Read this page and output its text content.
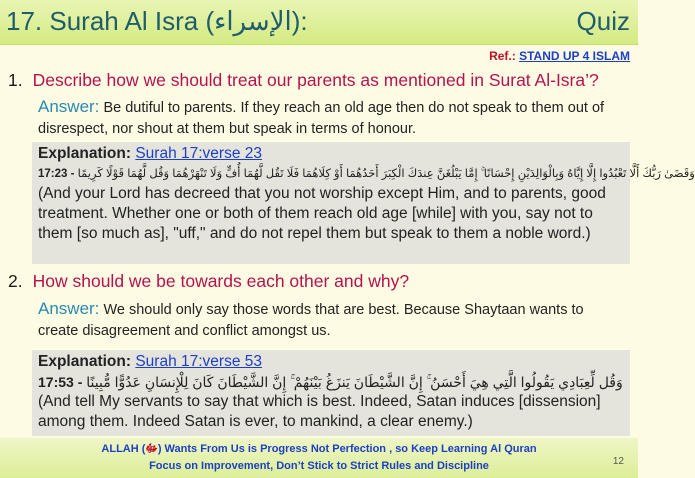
17. Surah Al Isra (الإسراء):	Quiz
Ref.: STAND UP 4 ISLAM
1. Describe how we should treat our parents as mentioned in Surat Al-Isra’?
Answer: Be dutiful to parents. If they reach an old age then do not speak to them out of disrespect, nor shout at them but speak in terms of honour.
Explanation: Surah 17:verse 23
17:23 - وَقَضَىٰ رَبُّكَ أَلَّا تَعْبُدُوا إِلَّا إِيَّاهُ وَبِالْوَالِدَيْنِ إِحْسَانًا ۚ إِمَّا يَبْلُغَنَّ عِندَكَ الْكِبَرَ أَحَدُهُمَا أَوْ كِلَاهُمَا فَلَا تَقُل لَّهُمَا أُفٍّ وَلَا تَنْهَرْهُمَا وَقُل لَّهُمَا قَوْلًا كَرِيمًا
(And your Lord has decreed that you not worship except Him, and to parents, good treatment. Whether one or both of them reach old age [while] with you, say not to them [so much as], "uff," and do not repel them but speak to them a noble word.)
2. How should we be towards each other and why?
Answer: We should only say those words that are best. Because Shaytaan wants to create disagreement and conflict amongst us.
Explanation: Surah 17:verse 53
17:53 - وَقُل لِّعِبَادِي يَقُولُوا الَّتِي هِيَ أَحْسَنُ ۚ إِنَّ الشَّيْطَانَ يَنزَغُ بَيْنَهُمْ ۚ إِنَّ الشَّيْطَانَ كَانَ لِلْإِنسَانِ عَدُوًّا مُّبِينًا
(And tell My servants to say that which is best. Indeed, Satan induces [dissension] among them. Indeed Satan is ever, to mankind, a clear enemy.)
ALLAH (ﷻ) Wants From Us is Progress Not Perfection , so Keep Learning Al Quran
Focus on Improvement, Don’t Stick to Strict Rules and Discipline	12
